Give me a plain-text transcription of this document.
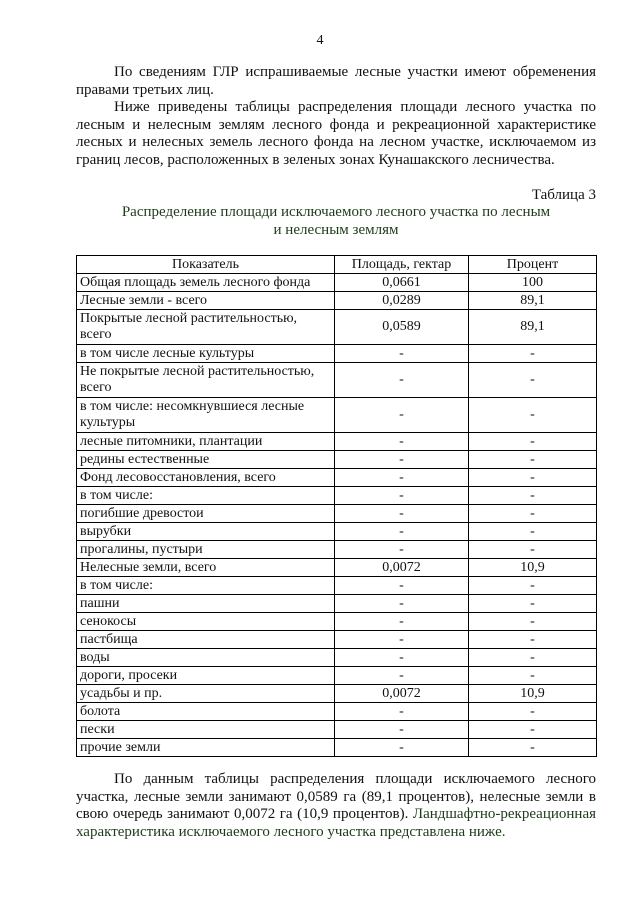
4

По сведениям ГЛР испрашиваемые лесные участки имеют обременения правами третьих лиц.

Ниже приведены таблицы распределения площади лесного участка по лесным и нелесным землям лесного фонда и рекреационной характеристике лесных и нелесных земель лесного фонда на лесном участке, исключаемом из границ лесов, расположенных в зеленых зонах Кунашакского лесничества.

Таблица 3
Распределение площади исключаемого лесного участка по лесным
и нелесным землям
Показатель	Площадь, гектар	Процент
Общая площадь земель лесного фонда	0,0661	100
Лесные земли - всего	0,0289	89,1
Покрытые лесной растительностью, всего	0,0589	89,1
в том числе лесные культуры	-	-
Не покрытые лесной растительностью, всего	-	-
в том числе: несомкнувшиеся лесные культуры	-	-
лесные питомники, плантации	-	-
редины естественные	-	-
Фонд лесовосстановления, всего	-	-
в том числе:	-	-
погибшие древостои	-	-
вырубки	-	-
прогалины, пустыри	-	-
Нелесные земли, всего	0,0072	10,9
в том числе:	-	-
пашни	-	-
сенокосы	-	-
пастбища	-	-
воды	-	-
дороги, просеки	-	-
усадьбы и пр.	0,0072	10,9
болота	-	-
пески	-	-
прочие земли	-	-

По данным таблицы распределения площади исключаемого лесного участка, лесные земли занимают 0,0589 га (89,1 процентов), нелесные земли в свою очередь занимают 0,0072 га (10,9 процентов). Ландшафтно-рекреационная характеристика исключаемого лесного участка представлена ниже.
